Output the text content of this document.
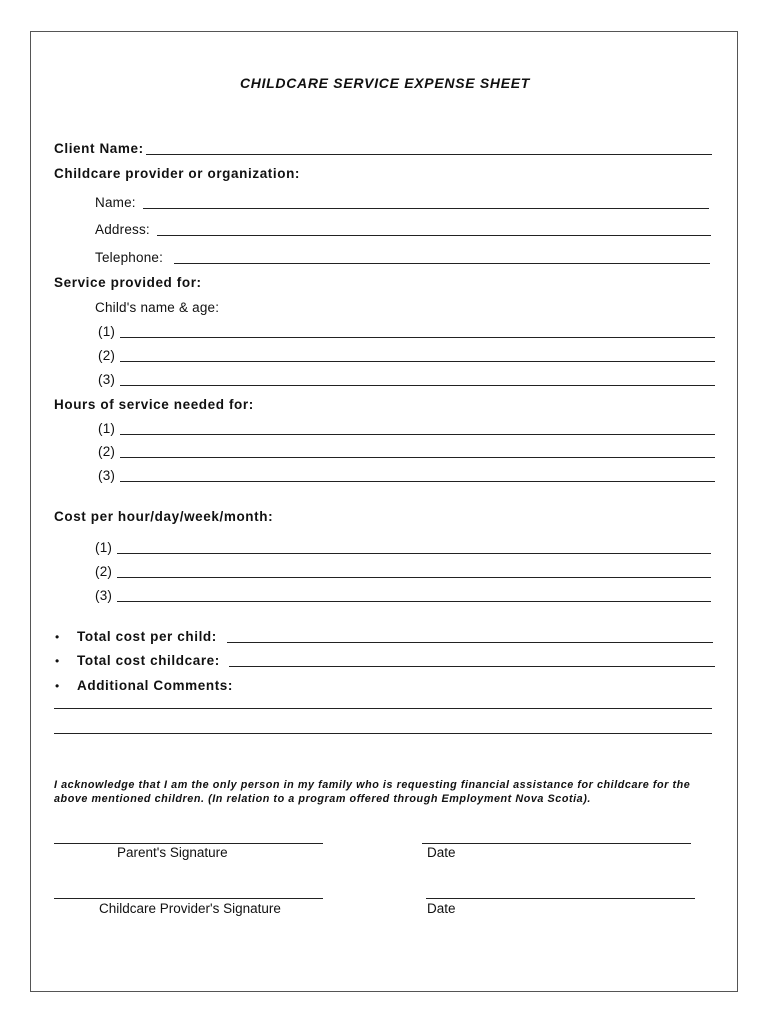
CHILDCARE SERVICE EXPENSE SHEET
Client Name:
Childcare provider or organization:
Name:
Address:
Telephone:
Service provided for:
Child's name & age:
(1)
(2)
(3)
Hours of service needed for:
(1)
(2)
(3)
Cost per hour/day/week/month:
(1)
(2)
(3)
• Total cost per child:
• Total cost childcare:
• Additional Comments:
I acknowledge that I am the only person in my family who is requesting financial assistance for childcare for the above mentioned children. (In relation to a program offered through Employment Nova Scotia).
Parent's Signature	Date
Childcare Provider's Signature	Date
